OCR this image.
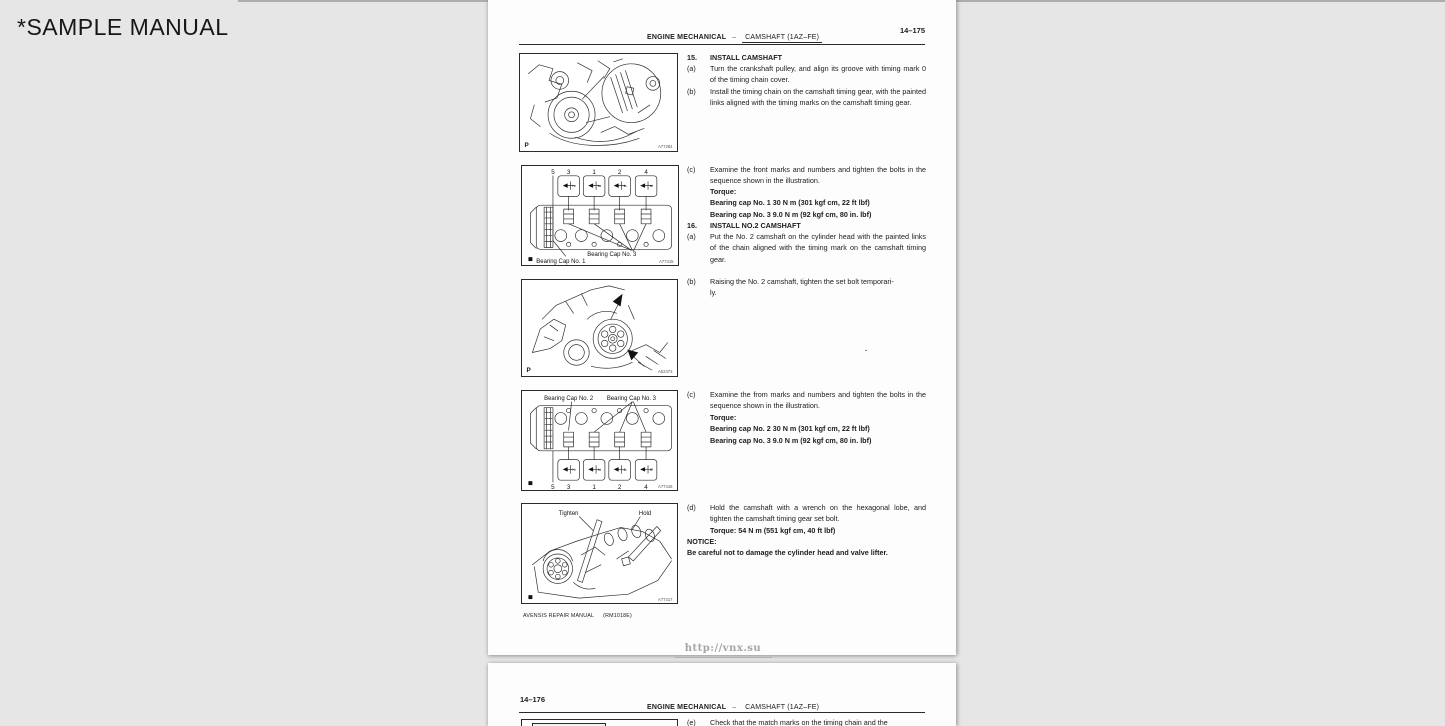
*SAMPLE MANUAL	14–175
ENGINE MECHANICAL – CAMSHAFT (1AZ–FE)
P	A77284
5 3	1	2	4
2	3	4	5
Bearing Cap No. 1
Bearing Cap No. 3
A77415
P	A52473
Bearing Cap No. 2 Bearing Cap No. 3
2	3	4	5
5 3	1	2	4 A77416
Tighten	Hold
A77417
15.	INSTALL CAMSHAFT
(a)	Turn the crankshaft pulley, and align its groove with timing mark 0 of the timing chain cover.
(b)	Install the timing chain on the camshaft timing gear, with the painted links aligned with the timing marks on the camshaft timing gear.
(c)	Examine the front marks and numbers and tighten the bolts in the sequence shown in the illustration.
Torque:
Bearing cap No. 1 30 N m (301 kgf cm, 22 ft lbf)
Bearing cap No. 3 9.0 N m (92 kgf cm, 80 in. lbf)
16.	INSTALL NO.2 CAMSHAFT
(a)	Put the No. 2 camshaft on the cylinder head with the painted links of the chain aligned with the timing mark on the camshaft timing gear.
(b)	Raising the No. 2 camshaft, tighten the set bolt temporari-
ly.
.
(c)	Examine the from marks and numbers and tighten the bolts in the sequence shown in the illustration.
Torque:
Bearing cap No. 2 30 N m (301 kgf cm, 22 ft lbf)
Bearing cap No. 3 9.0 N m (92 kgf cm, 80 in. lbf)
(d)	Hold the camshaft with a wrench on the hexagonal lobe, and tighten the camshaft timing gear set bolt.
Torque: 54 N m (551 kgf cm, 40 ft lbf)
NOTICE:
Be careful not to damage the cylinder head and valve lifter.
AVENSIS REPAIR MANUAL (RM1018E)
http://vnx.su
14–176
ENGINE MECHANICAL – CAMSHAFT (1AZ–FE)
(e)	Check that the match marks on the timing chain and the
